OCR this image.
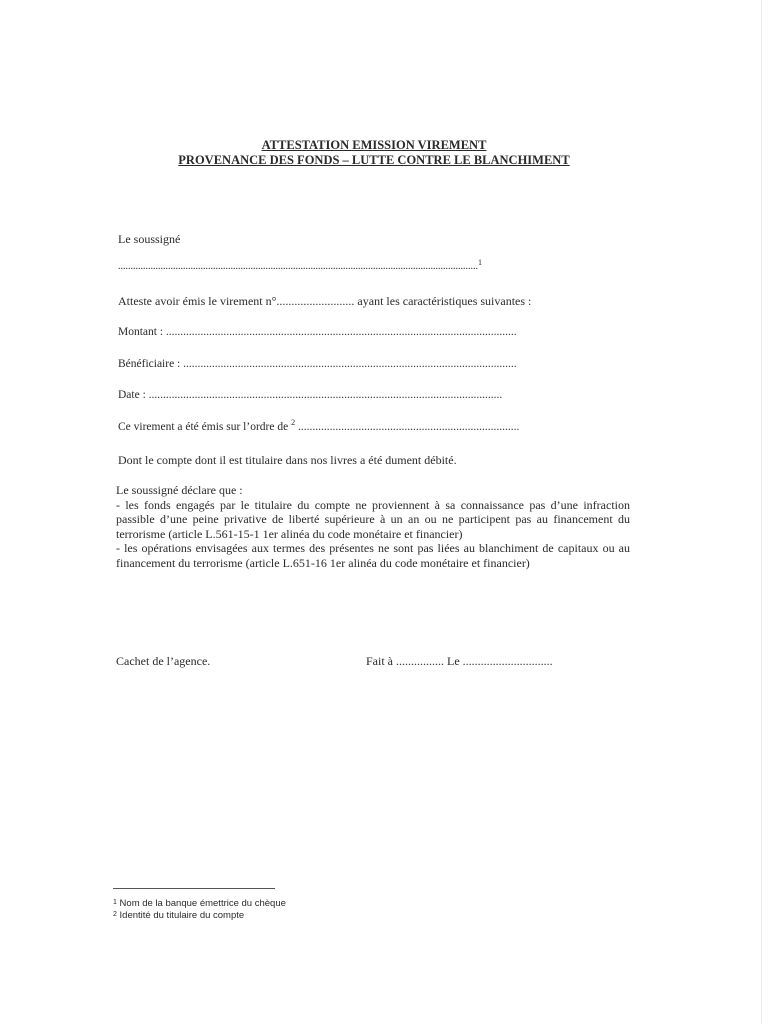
ATTESTATION EMISSION VIREMENT
PROVENANCE DES FONDS – LUTTE CONTRE LE BLANCHIMENT
Le soussigné
................................................................................................................................................$^1$
Atteste avoir émis le virement n°.......................... ayant les caractéristiques suivantes :
Montant : ..........................................................................................................................
Bénéficiaire : ....................................................................................................................
Date : ...........................................................................................................................
Ce virement a été émis sur l’ordre de $^2$ .............................................................................
Dont le compte dont il est titulaire dans nos livres a été dument débité.

Le soussigné déclare que :

- les fonds engagés par le titulaire du compte ne proviennent à sa connaissance pas d’une infraction passible d’une peine privative de liberté supérieure à un an ou ne participent pas au financement du terrorisme (article L.561-15-1 1er alinéa du code monétaire et financier)

- les opérations envisagées aux termes des présentes ne sont pas liées au blanchiment de capitaux ou au financement du terrorisme (article L.651-16 1er alinéa du code monétaire et financier)

Cachet de l’agence.	Fait à ................ Le ..............................
$^1$ Nom de la banque émettrice du chèque
$^2$ Identité du titulaire du compte
